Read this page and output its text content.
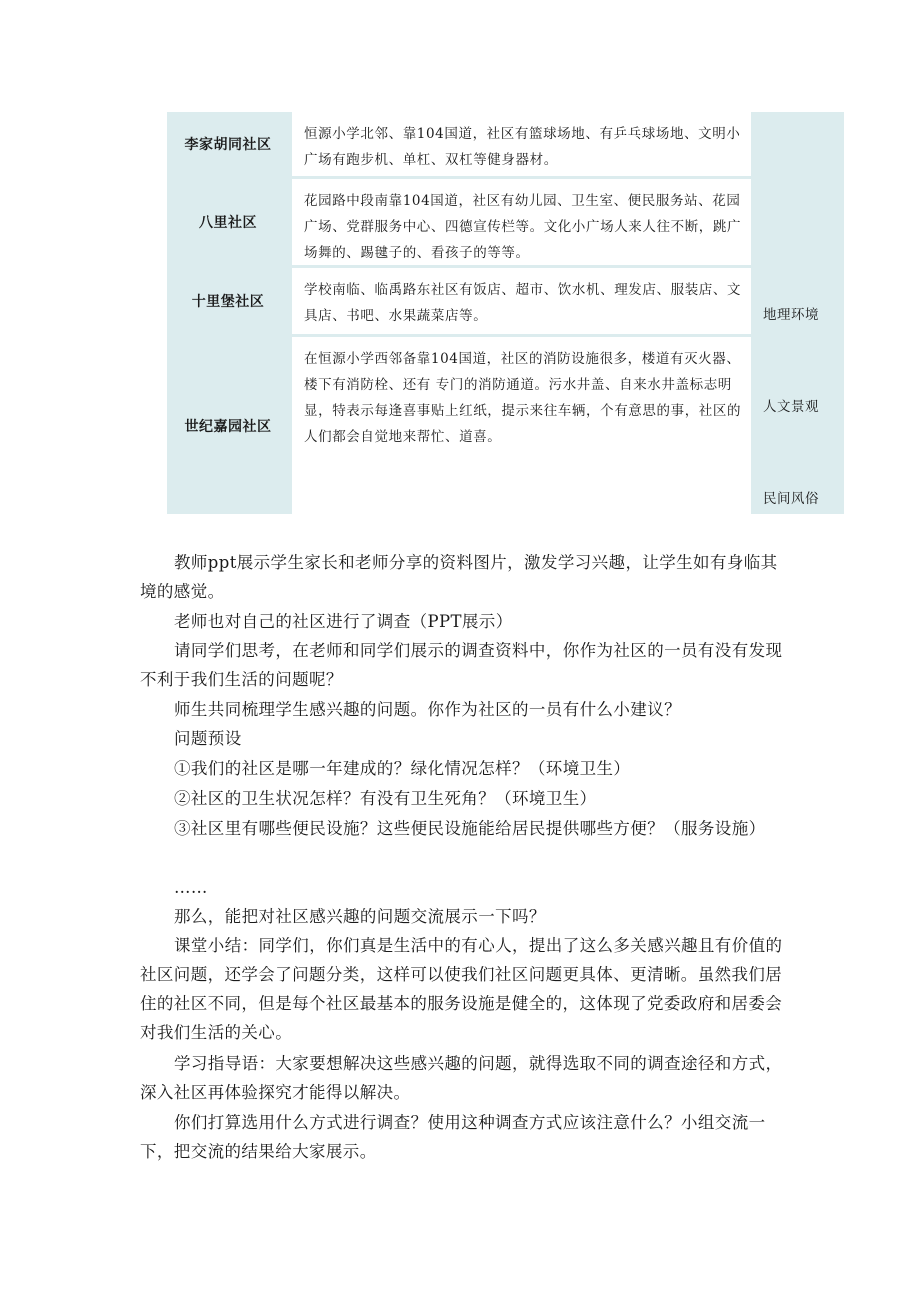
李家胡同社区
恒源小学北邻、靠104国道，社区有篮球场地、有乒乓球场地、文明小广场有跑步机、单杠、双杠等健身器材。
八里社区
花园路中段南靠104国道，社区有幼儿园、卫生室、便民服务站、花园广场、党群服务中心、四德宣传栏等。文化小广场人来人往不断，跳广场舞的、踢毽子的、看孩子的等等。
十里堡社区
学校南临、临禹路东社区有饭店、超市、饮水机、理发店、服装店、文具店、书吧、水果蔬菜店等。
世纪嘉园社区
在恒源小学西邻备靠104国道，社区的消防设施很多，楼道有灭火器、楼下有消防栓、还有 专门的消防通道。污水井盖、自来水井盖标志明显，特表示每逢喜事贴上红纸，提示来往车辆，个有意思的事，社区的人们都会自觉地来帮忙、道喜。
地理环境
人文景观
民间风俗

教师ppt展示学生家长和老师分享的资料图片，激发学习兴趣，让学生如有身临其境的感觉。

老师也对自己的社区进行了调查（PPT展示）

请同学们思考，在老师和同学们展示的调查资料中，你作为社区的一员有没有发现不利于我们生活的问题呢？

师生共同梳理学生感兴趣的问题。你作为社区的一员有什么小建议？

问题预设

①我们的社区是哪一年建成的？绿化情况怎样？（环境卫生）

②社区的卫生状况怎样？有没有卫生死角？（环境卫生）

③社区里有哪些便民设施？这些便民设施能给居民提供哪些方便？（服务设施）

……

那么，能把对社区感兴趣的问题交流展示一下吗？

课堂小结：同学们，你们真是生活中的有心人，提出了这么多关感兴趣且有价值的社区问题，还学会了问题分类，这样可以使我们社区问题更具体、更清晰。虽然我们居住的社区不同，但是每个社区最基本的服务设施是健全的，这体现了党委政府和居委会对我们生活的关心。

学习指导语：大家要想解决这些感兴趣的问题，就得选取不同的调查途径和方式，深入社区再体验探究才能得以解决。

你们打算选用什么方式进行调查？使用这种调查方式应该注意什么？小组交流一下，把交流的结果给大家展示。
